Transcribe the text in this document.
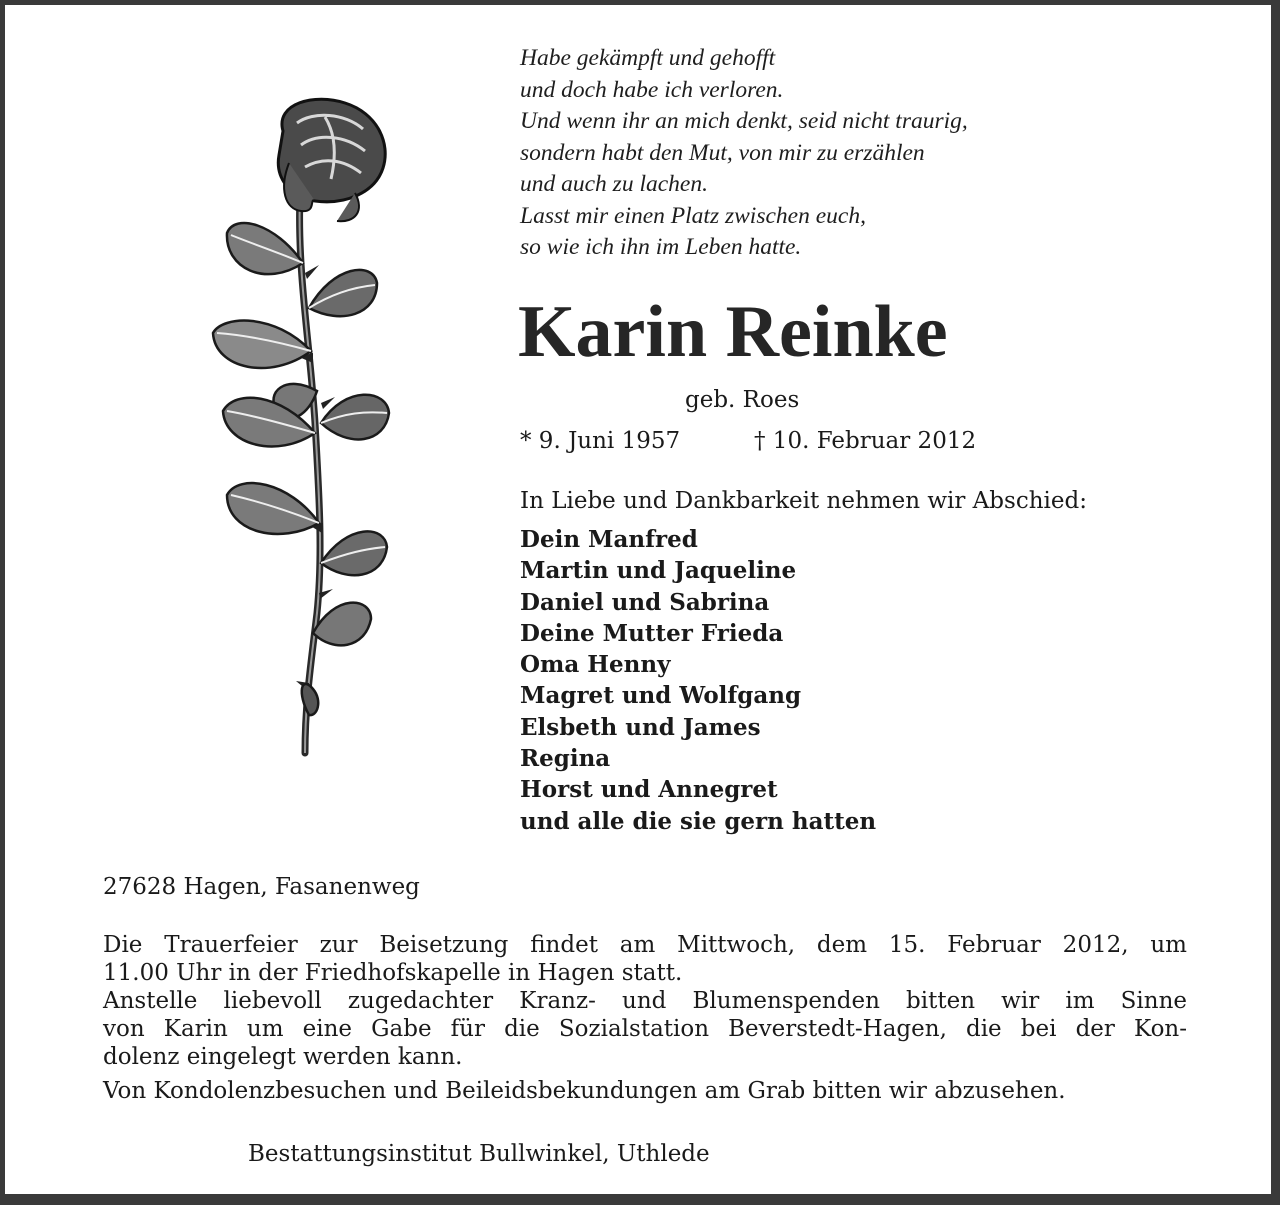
Habe gekämpft und gehofft
und doch habe ich verloren.
Und wenn ihr an mich denkt, seid nicht traurig,
sondern habt den Mut, von mir zu erzählen
und auch zu lachen.
Lasst mir einen Platz zwischen euch,
so wie ich ihn im Leben hatte.
Karin Reinke
geb. Roes
* 9. Juni 1957	† 10. Februar 2012
In Liebe und Dankbarkeit nehmen wir Abschied:
Dein Manfred
Martin und Jaqueline
Daniel und Sabrina
Deine Mutter Frieda
Oma Henny
Magret und Wolfgang
Elsbeth und James
Regina
Horst und Annegret
und alle die sie gern hatten
27628 Hagen, Fasanenweg
Die Trauerfeier zur Beisetzung findet am Mittwoch, dem 15. Februar 2012, um
11.00 Uhr in der Friedhofskapelle in Hagen statt.
Anstelle liebevoll zugedachter Kranz- und Blumenspenden bitten wir im Sinne
von Karin um eine Gabe für die Sozialstation Beverstedt-Hagen, die bei der Kon-
dolenz eingelegt werden kann.
Von Kondolenzbesuchen und Beileidsbekundungen am Grab bitten wir abzusehen.
Bestattungsinstitut Bullwinkel, Uthlede
